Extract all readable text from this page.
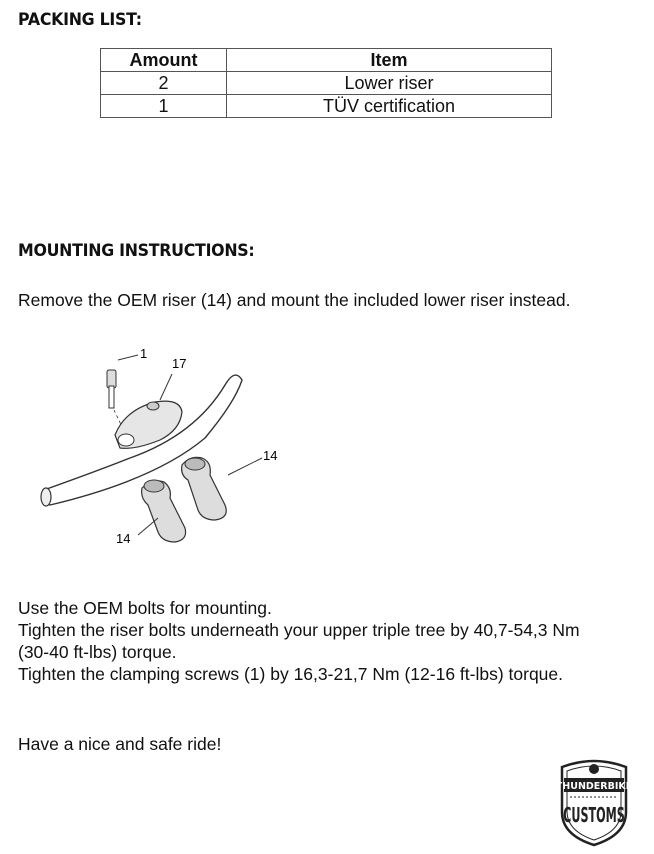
PACKING LIST:
Amount	Item
2	Lower riser
1	TÜV certification
MOUNTING INSTRUCTIONS:

Remove the OEM riser (14) and mount the included lower riser instead.

1
17
14
14
Use the OEM bolts for mounting.
Tighten the riser bolts underneath your upper triple tree by 40,7-54,3 Nm
(30-40 ft-lbs) torque.
Tighten the clamping screws (1) by 16,3-21,7 Nm (12-16 ft-lbs) torque.

Have a nice and safe ride!

THUNDERBIKE
CUSTOMS
